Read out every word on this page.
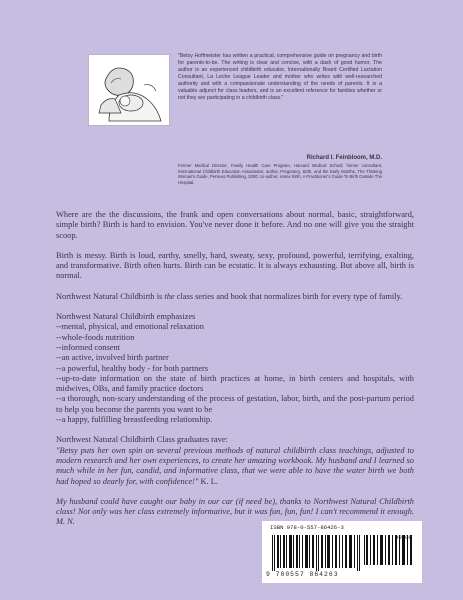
"Betsy Hoffmeister has written a practical, comprehensive guide on pregnancy and birth for parents-to-be. The writing is clear and concise, with a dash of good humor. The author is an experienced childbirth educator, Internationally Board Certified Lactation Consultant, La Leche League Leader and mother who writes with well-researched authority and with a compassionate understanding of the needs of parents. It is a valuable adjunct for class leaders, and is an excellent reference for families whether or not they are participating in a childbirth class."
Richard I. Feinbloom, M.D.
Former Medical Director, Family Health Care Program, Harvard Medical School; former consultant, International Childbirth Education Association; author, Pregnancy, Birth, and the Early Months, The Thinking Woman's Guide, Perseus Publishing, 2000; co-author, Home Birth, A Practitioner's Guide To Birth Outside The Hospital.

Where are the the discussions, the frank and open conversations about normal, basic, straightforward, simple birth? Birth is hard to envision. You've never done it before. And no one will give you the straight scoop.

Birth is messy. Birth is loud, earthy, smelly, hard, sweaty, sexy, profound, powerful, terrifying, exalting, and transformative. Birth often hurts. Birth can be ecstatic. It is always exhausting. But above all, birth is normal.

Northwest Natural Childbirth is the class series and book that normalizes birth for every type of family.

Northwest Natural Childbirth emphasizes

--mental, physical, and emotional relaxation
--whole-foods nutrition
--informed consent
--an active, involved birth partner
--a powerful, healthy body - for both partners
--up-to-date information on the state of birth practices at home, in birth centers and hospitals, with midwives, OBs, and family practice doctors
--a thorough, non-scary understanding of the process of gestation, labor, birth, and the post-partum period to help you become the parents you want to be
--a happy, fulfilling breastfeeding relationship.

Northwest Natural Childbirth Class graduates rave:

"Betsy puts her own spin on several previous methods of natural childbirth class teachings, adjusted to modern research and her own experiences, to create her amazing workbook. My husband and I learned so much while in her fun, candid, and informative class, that we were able to have the water birth we both had hoped so dearly for, with confidence!" K. L.

My husband could have caught our baby in our car (if need be), thanks to Northwest Natural Childbirth class! Not only was her class extremely informative, but it was fun, fun, fun! I can't recommend it enough. M. N.

ISBN 978-0-557-86426-3
9 780557 864263
